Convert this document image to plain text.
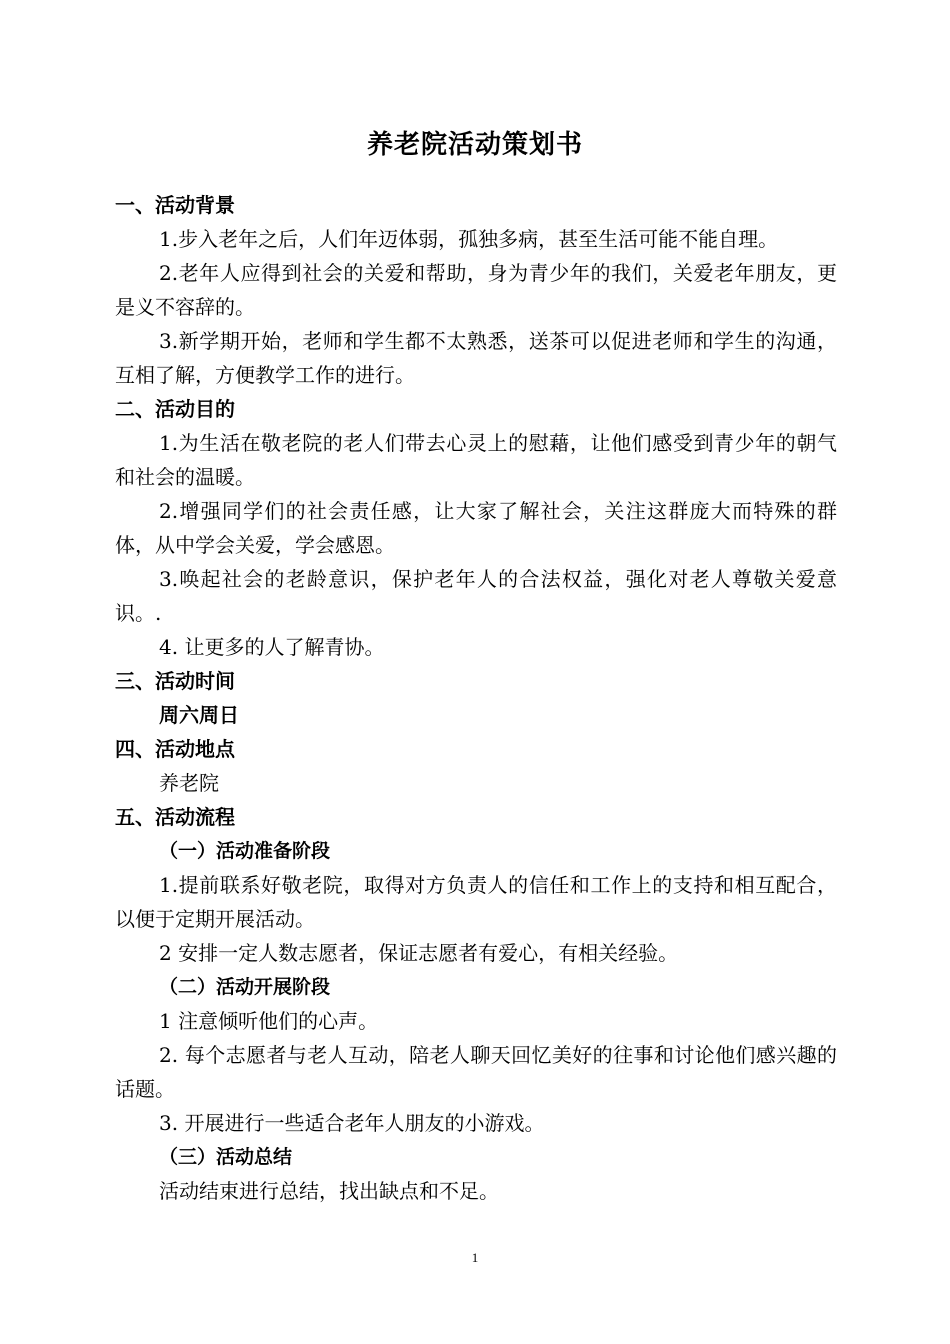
养老院活动策划书

一、活动背景

1.步入老年之后，人们年迈体弱，孤独多病，甚至生活可能不能自理。

2.老年人应得到社会的关爱和帮助，身为青少年的我们，关爱老年朋友，更是义不容辞的。

3.新学期开始，老师和学生都不太熟悉，送茶可以促进老师和学生的沟通，互相了解，方便教学工作的进行。

二、活动目的

1.为生活在敬老院的老人们带去心灵上的慰藉，让他们感受到青少年的朝气和社会的温暖。

2.增强同学们的社会责任感，让大家了解社会，关注这群庞大而特殊的群体，从中学会关爱，学会感恩。

3.唤起社会的老龄意识，保护老年人的合法权益，强化对老人尊敬关爱意识。.

4. 让更多的人了解青协。

三、活动时间

周六周日

四、活动地点

养老院

五、活动流程

（一）活动准备阶段

1.提前联系好敬老院，取得对方负责人的信任和工作上的支持和相互配合，以便于定期开展活动。

2 安排一定人数志愿者，保证志愿者有爱心，有相关经验。

（二）活动开展阶段

1 注意倾听他们的心声。

2. 每个志愿者与老人互动，陪老人聊天回忆美好的往事和讨论他们感兴趣的话题。

3. 开展进行一些适合老年人朋友的小游戏。

（三）活动总结

活动结束进行总结，找出缺点和不足。

1
